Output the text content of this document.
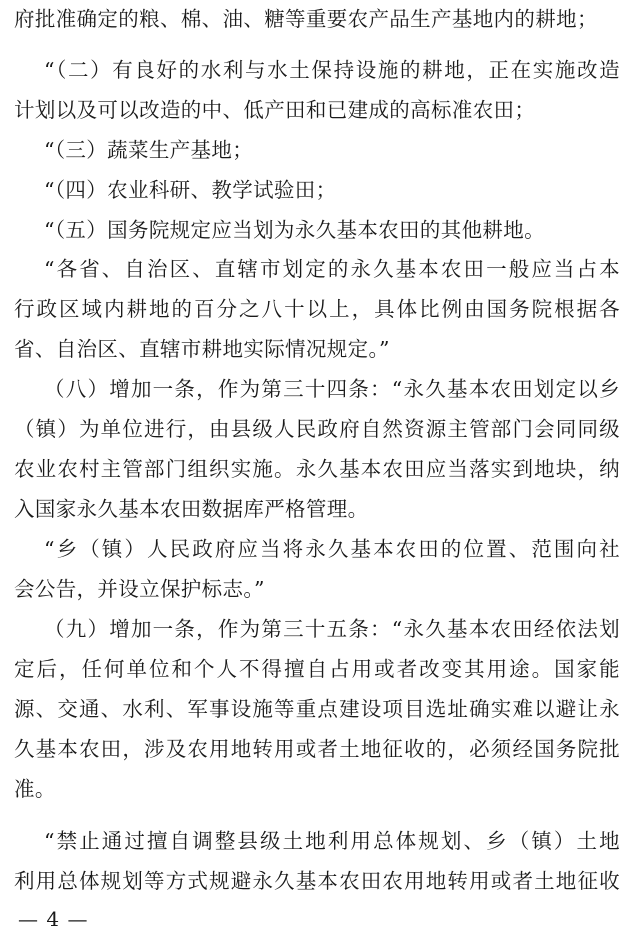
府批准确定的粮、棉、油、糖等重要农产品生产基地内的耕地；
“（二）有良好的水利与水土保持设施的耕地，正在实施改造
计划以及可以改造的中、低产田和已建成的高标准农田；
“（三）蔬菜生产基地；
“（四）农业科研、教学试验田；
“（五）国务院规定应当划为永久基本农田的其他耕地。
“各省、自治区、直辖市划定的永久基本农田一般应当占本
行政区域内耕地的百分之八十以上，具体比例由国务院根据各
省、自治区、直辖市耕地实际情况规定。”
（八）增加一条，作为第三十四条：“永久基本农田划定以乡
（镇）为单位进行，由县级人民政府自然资源主管部门会同同级
农业农村主管部门组织实施。永久基本农田应当落实到地块，纳
入国家永久基本农田数据库严格管理。
“乡（镇）人民政府应当将永久基本农田的位置、范围向社
会公告，并设立保护标志。”
（九）增加一条，作为第三十五条：“永久基本农田经依法划
定后，任何单位和个人不得擅自占用或者改变其用途。国家能
源、交通、水利、军事设施等重点建设项目选址确实难以避让永
久基本农田，涉及农用地转用或者土地征收的，必须经国务院批
准。
“禁止通过擅自调整县级土地利用总体规划、乡（镇）土地
利用总体规划等方式规避永久基本农田农用地转用或者土地征收
— 4 —
